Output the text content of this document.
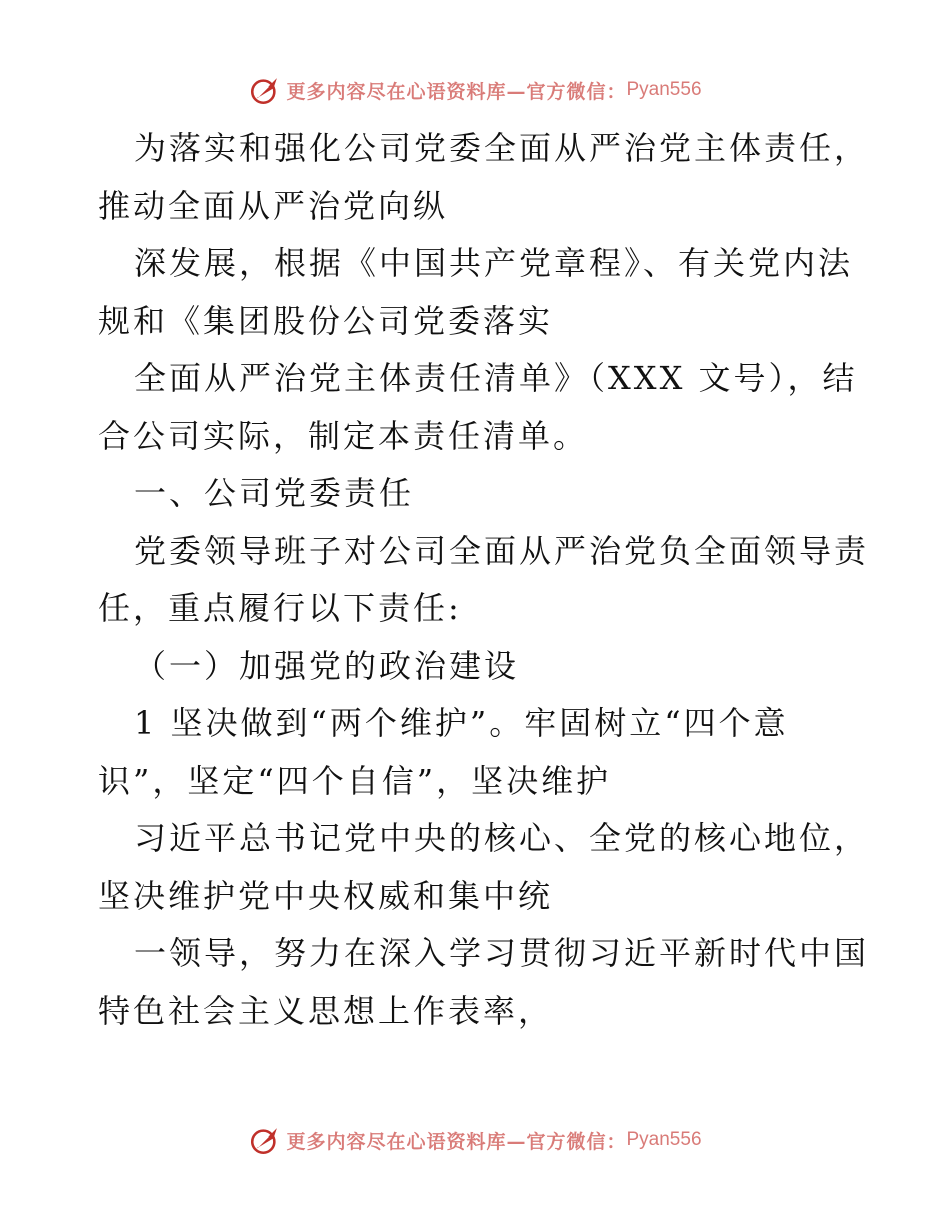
更多内容尽在心语资料库—官方微信： Pyan556
为落实和强化公司党委全面从严治党主体责任，
推动全面从严治党向纵
深发展，根据《中国共产党章程》、有关党内法
规和《集团股份公司党委落实
全面从严治党主体责任清单》（XXX 文号），结
合公司实际，制定本责任清单。
一、公司党委责任
党委领导班子对公司全面从严治党负全面领导责
任，重点履行以下责任:
（一）加强党的政治建设
1 坚决做到“两个维护”。牢固树立“四个意
识”，坚定“四个自信”，坚决维护
习近平总书记党中央的核心、全党的核心地位，
坚决维护党中央权威和集中统
一领导，努力在深入学习贯彻习近平新时代中国
特色社会主义思想上作表率，
更多内容尽在心语资料库—官方微信： Pyan556
